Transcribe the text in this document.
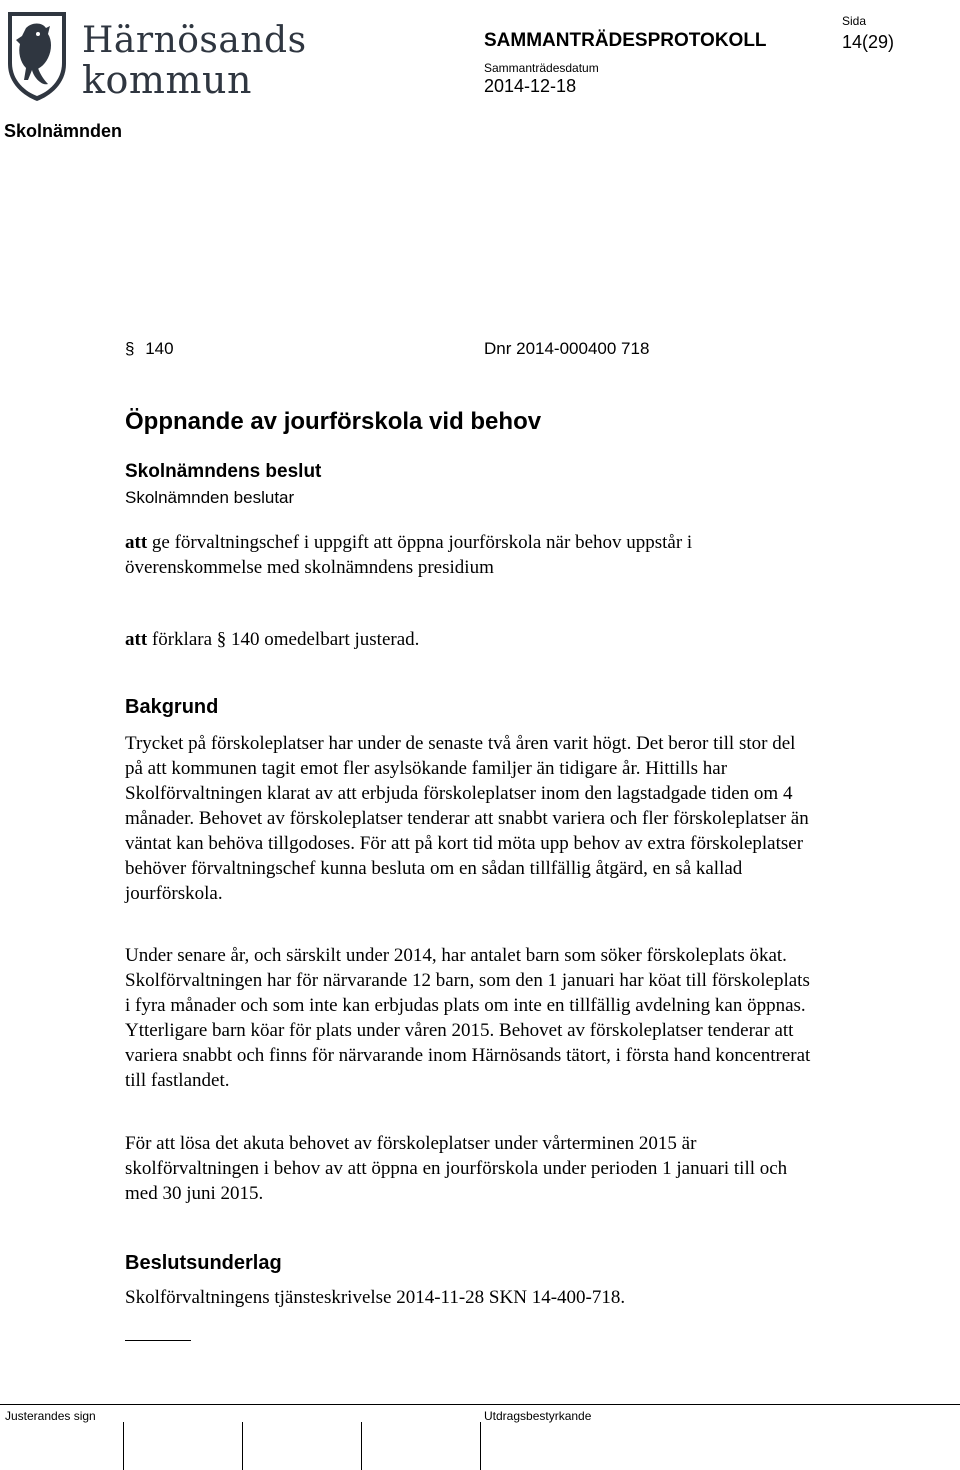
Härnösands
kommun
SAMMANTRÄDESPROTOKOLL
Sammanträdesdatum
2014-12-18
Sida
14(29)
Skolnämnden
§ 140	Dnr 2014-000400 718
Öppnande av jourförskola vid behov
Skolnämndens beslut
Skolnämnden beslutar
att ge förvaltningschef i uppgift att öppna jourförskola när behov uppstår i överenskommelse med skolnämndens presidium
att förklara § 140 omedelbart justerad.
Bakgrund
Trycket på förskoleplatser har under de senaste två åren varit högt. Det beror till stor del på att kommunen tagit emot fler asylsökande familjer än tidigare år. Hittills har Skolförvaltningen klarat av att erbjuda förskoleplatser inom den lagstadgade tiden om 4 månader. Behovet av förskoleplatser tenderar att snabbt variera och fler förskoleplatser än väntat kan behöva tillgodoses. För att på kort tid möta upp behov av extra förskoleplatser behöver förvaltningschef kunna besluta om en sådan tillfällig åtgärd, en så kallad jourförskola.
Under senare år, och särskilt under 2014, har antalet barn som söker förskoleplats ökat. Skolförvaltningen har för närvarande 12 barn, som den 1 januari har köat till förskoleplats i fyra månader och som inte kan erbjudas plats om inte en tillfällig avdelning kan öppnas. Ytterligare barn köar för plats under våren 2015. Behovet av förskoleplatser tenderar att variera snabbt och finns för närvarande inom Härnösands tätort, i första hand koncentrerat till fastlandet.
För att lösa det akuta behovet av förskoleplatser under vårterminen 2015 är skolförvaltningen i behov av att öppna en jourförskola under perioden 1 januari till och med 30 juni 2015.
Beslutsunderlag
Skolförvaltningens tjänsteskrivelse 2014-11-28 SKN 14-400-718.
Justerandes sign	Utdragsbestyrkande
